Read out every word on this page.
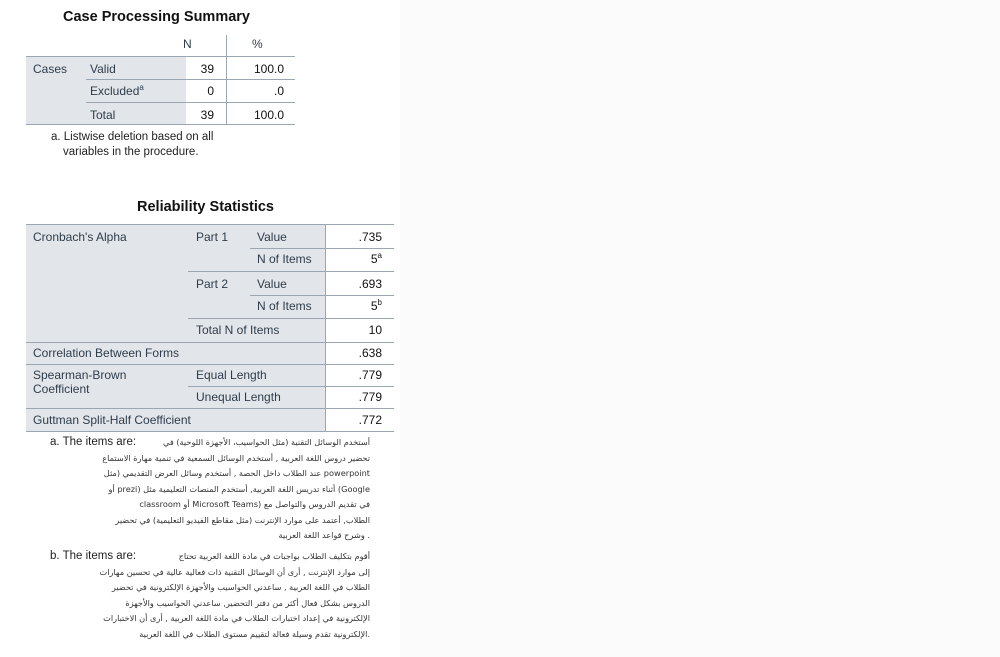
Case Processing Summary
N	%
Cases Valid	39	100.0
Excluded$^a$	0	.0
Total	39	100.0
a. Listwise deletion based on all
variables in the procedure.
Reliability Statistics
Cronbach's Alpha	Part 1 Value	.735
N of Items	5$^a$
Part 2 Value	.693
N of Items	5$^b$
Total N of Items	10
Correlation Between Forms	.638
Spearman-Brown
Coefficient
Equal Length	.779
Unequal Length	.779
Guttman Split-Half Coefficient	.772
a. The items are:	أستخدم الوسائل التقنية (مثل الحواسيب، الأجهزة اللوحية) في
تحضير دروس اللغة العربية , أستخدم الوسائل السمعية في تنمية مهارة الاستماع
عند الطلاب داخل الحصة , أستخدم وسائل العرض التقديمي (مثل powerpoint
أو prezi) أثناء تدريس اللغة العربية, أستخدم المنصات التعليمية مثل (Google
classroom أو Microsoft Teams) في تقديم الدروس والتواصل مع
الطلاب, أعتمد على موارد الإنترنت (مثل مقاطع الفيديو التعليمية) في تحضير
وشرح قواعد اللغة العربية .
b. The items are:	أقوم بتكليف الطلاب بواجبات في مادة اللغة العربية تحتاج
إلى موارد الإنترنت , أرى أن الوسائل التقنية ذات فعالية عالية في تحسين مهارات
الطلاب في اللغة العربية , ساعدني الحواسيب والأجهزة الإلكترونية في تحضير
الدروس بشكل فعال أكثر من دفتر التحضير, ساعدني الحواسيب والأجهزة
الإلكترونية في إعداد اختبارات الطلاب في مادة اللغة العربية , أرى أن الاختبارات
الإلكترونية تقدم وسيلة فعالة لتقييم مستوى الطلاب في اللغة العربية.
